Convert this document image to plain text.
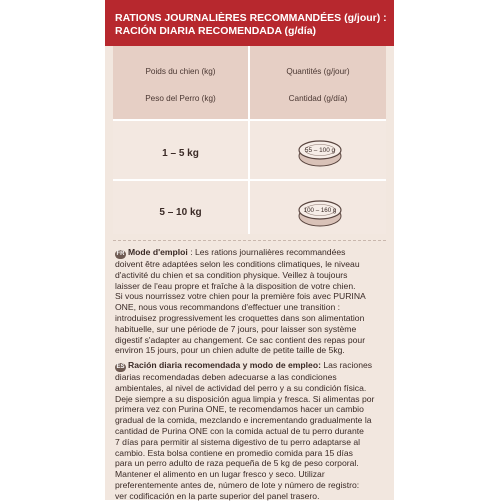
RATIONS JOURNALIÈRES RECOMMANDÉES (g/jour) :
RACIÓN DIARIA RECOMENDADA (g/día)
Poids du chien (kg)
Peso del Perro (kg)
Quantités (g/jour)
Cantidad (g/día)
1 – 5 kg
5 – 10 kg
55 – 100 g
100 – 160 g
FR Mode d'emploi : Les rations journalières recommandées
doivent être adaptées selon les conditions climatiques, le niveau
d'activité du chien et sa condition physique. Veillez à toujours
laisser de l'eau propre et fraîche à la disposition de votre chien.
Si vous nourrissez votre chien pour la première fois avec PURINA
ONE, nous vous recommandons d'effectuer une transition :
introduisez progressivement les croquettes dans son alimentation
habituelle, sur une période de 7 jours, pour laisser son système
digestif s'adapter au changement. Ce sac contient des repas pour
environ 15 jours, pour un chien adulte de petite taille de 5kg.
ES Ración diaria recomendada y modo de empleo: Las raciones
diarias recomendadas deben adecuarse a las condiciones
ambientales, al nivel de actividad del perro y a su condición física.
Deje siempre a su disposición agua limpia y fresca. Si alimentas por
primera vez con Purina ONE, te recomendamos hacer un cambio
gradual de la comida, mezclando e incrementando gradualmente la
cantidad de Purina ONE con la comida actual de tu perro durante
7 días para permitir al sistema digestivo de tu perro adaptarse al
cambio. Esta bolsa contiene en promedio comida para 15 días
para un perro adulto de raza pequeña de 5 kg de peso corporal.
Mantener el alimento en un lugar fresco y seco. Utilizar
preferentemente antes de, número de lote y número de registro:
ver codificación en la parte superior del panel trasero.
